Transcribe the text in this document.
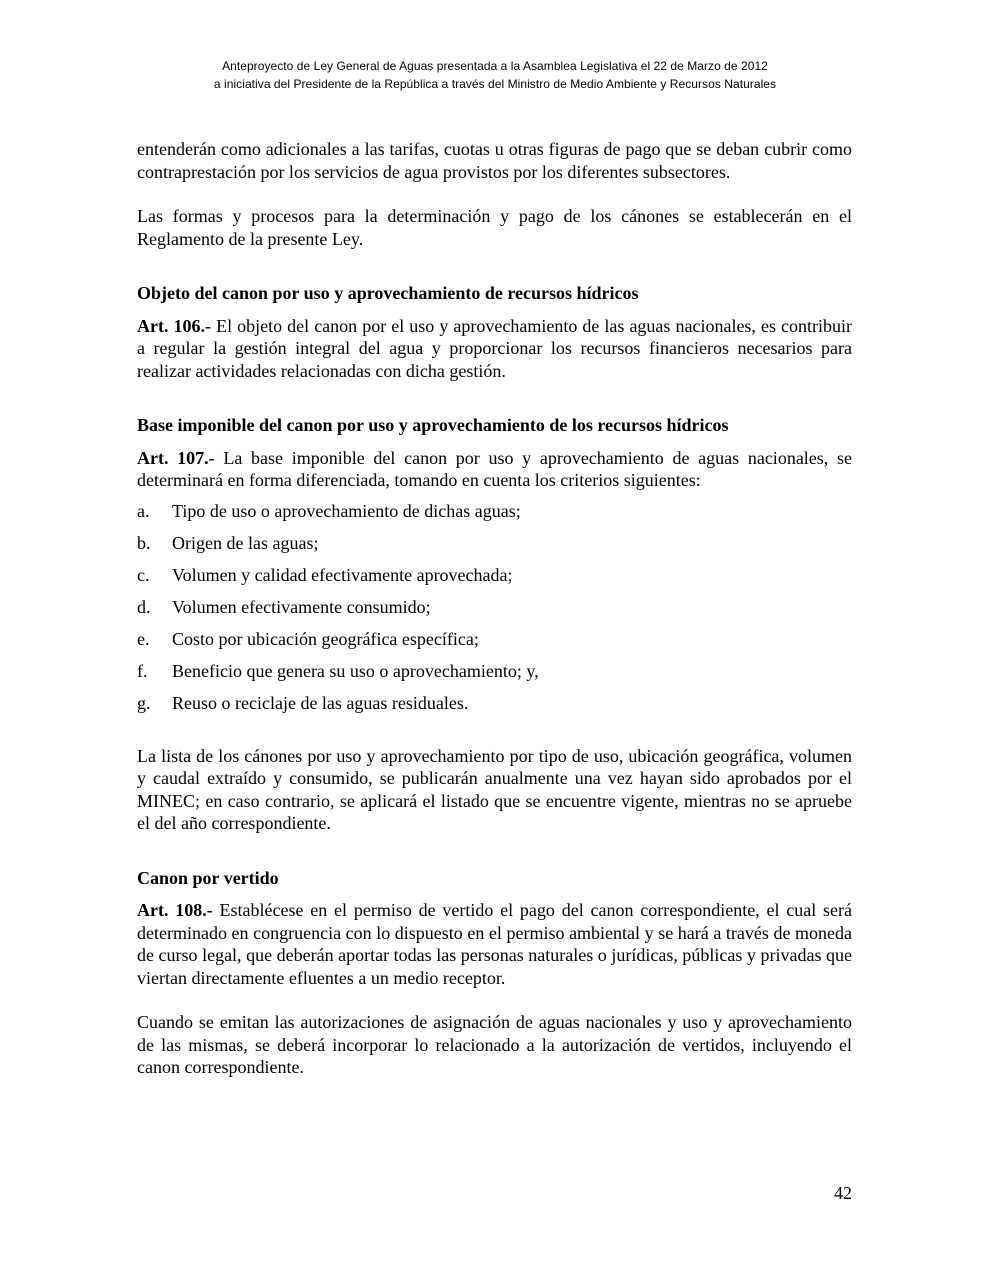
Anteproyecto de Ley General de Aguas presentada a la Asamblea Legislativa el 22 de Marzo de 2012
a iniciativa del Presidente de la República a través del Ministro de Medio Ambiente y Recursos Naturales

entenderán como adicionales a las tarifas, cuotas u otras figuras de pago que se deban cubrir como contraprestación por los servicios de agua provistos por los diferentes subsectores.

Las formas y procesos para la determinación y pago de los cánones se establecerán en el Reglamento de la presente Ley.

Objeto del canon por uso y aprovechamiento de recursos hídricos

Art. 106.- El objeto del canon por el uso y aprovechamiento de las aguas nacionales, es contribuir a regular la gestión integral del agua y proporcionar los recursos financieros necesarios para realizar actividades relacionadas con dicha gestión.

Base imponible del canon por uso y aprovechamiento de los recursos hídricos

Art. 107.- La base imponible del canon por uso y aprovechamiento de aguas nacionales, se determinará en forma diferenciada, tomando en cuenta los criterios siguientes:

a.	Tipo de uso o aprovechamiento de dichas aguas;
b.	Origen de las aguas;
c.	Volumen y calidad efectivamente aprovechada;
d.	Volumen efectivamente consumido;
e.	Costo por ubicación geográfica específica;
f.	Beneficio que genera su uso o aprovechamiento; y,
g.	Reuso o reciclaje de las aguas residuales.

La lista de los cánones por uso y aprovechamiento por tipo de uso, ubicación geográfica, volumen y caudal extraído y consumido, se publicarán anualmente una vez hayan sido aprobados por el MINEC; en caso contrario, se aplicará el listado que se encuentre vigente, mientras no se apruebe el del año correspondiente.

Canon por vertido

Art. 108.- Establécese en el permiso de vertido el pago del canon correspondiente, el cual será determinado en congruencia con lo dispuesto en el permiso ambiental y se hará a través de moneda de curso legal, que deberán aportar todas las personas naturales o jurídicas, públicas y privadas que viertan directamente efluentes a un medio receptor.

Cuando se emitan las autorizaciones de asignación de aguas nacionales y uso y aprovechamiento de las mismas, se deberá incorporar lo relacionado a la autorización de vertidos, incluyendo el canon correspondiente.

42
